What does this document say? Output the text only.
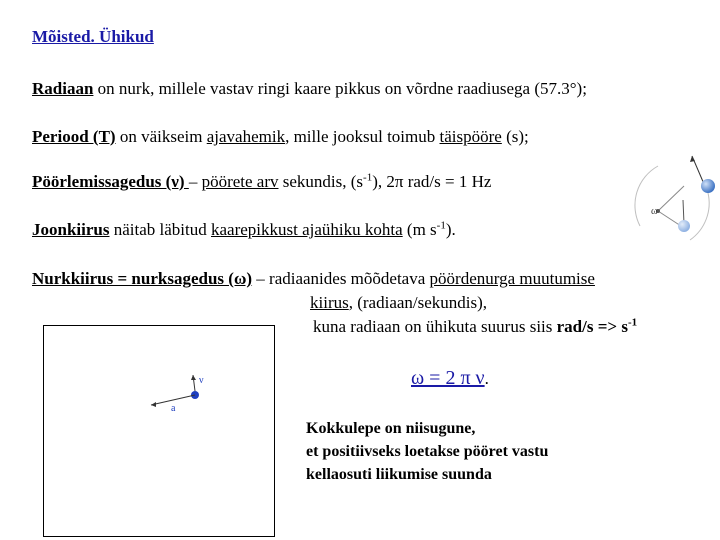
Mõisted. Ühikud
Radiaan on nurk, millele vastav ringi kaare pikkus on võrdne raadiusega (57.3°);
Periood (T) on väikseim ajavahemik, mille jooksul toimub täispööre (s);
Pöörlemissagedus (ν) – pöörete arv sekundis, $(s^{-1})$, 2π rad/s = 1 Hz
Joonkiirus näitab läbitud kaarepikkust ajaühiku kohta (m $s^{-1}$).
Nurkkiirus = nurksagedus (ω) – radiaanides mõõdetava pöördenurga muutumise
kiirus, (radiaan/sekundis),
kuna radiaan on ühikuta suurus siis $rad/s => s^{-1}$
ω = 2 π ν.
Kokkulepe on niisugune,
et positiivseks loetakse pööret vastu
kellaosuti liikumise suunda
ω
ν
a
